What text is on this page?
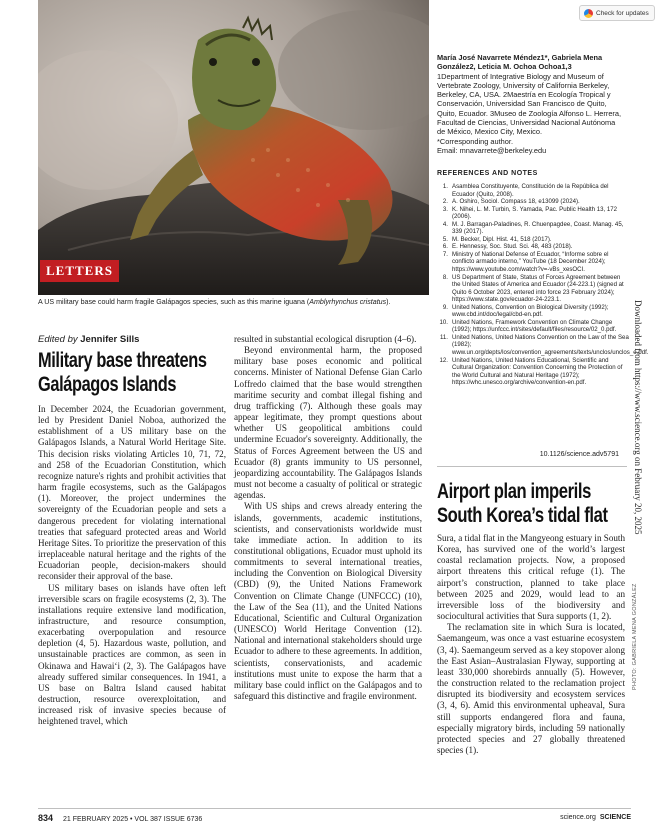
Check for updates
LETTERS
A US military base could harm fragile Galápagos species, such as this marine iguana (Amblyrhynchus cristatus).
María José Navarrete Méndez1*, Gabriela Mena González2, Leticia M. Ochoa Ochoa1,3
1Department of Integrative Biology and Museum of Vertebrate Zoology, University of California Berkeley, Berkeley, CA, USA. 2Maestría en Ecología Tropical y Conservación, Universidad San Francisco de Quito, Quito, Ecuador. 3Museo de Zoología Alfonso L. Herrera, Facultad de Ciencias, Universidad Nacional Autónoma de México, Mexico City, Mexico.
*Corresponding author.
Email: mnavarrete@berkeley.edu
REFERENCES AND NOTES
1. Asamblea Constituyente, Constitución de la República del Ecuador (Quito, 2008).
2. A. Oshiro, Sociol. Compass 18, e13099 (2024).
3. K. Nihei, L. M. Turbin, S. Yamada, Pac. Public Health 13, 172 (2006).
4. M. J. Barragan-Paladines, R. Chuenpagdee, Coast. Manag. 45, 339 (2017).
5. M. Becker, Dipl. Hist. 41, 518 (2017).
6. E. Hennessy, Soc. Stud. Sci. 48, 483 (2018).
7. Ministry of National Defense of Ecuador, “Informe sobre el conflicto armado interno,” YouTube (18 December 2024); https://www.youtube.com/watch?v=-vBs_xesOCI.
8. US Department of State, Status of Forces Agreement between the United States of America and Ecuador (24-223.1) (signed at Quito 6 October 2023, entered into force 23 February 2024); https://www.state.gov/ecuador-24-223.1.
9. United Nations, Convention on Biological Diversity (1992); www.cbd.int/doc/legal/cbd-en.pdf.
10. United Nations, Framework Convention on Climate Change (1992); https://unfccc.int/sites/default/files/resource/02_0.pdf.
11. United Nations, United Nations Convention on the Law of the Sea (1982); www.un.org/depts/los/convention_agreements/texts/unclos/unclos_e.pdf.
12. United Nations, United Nations Educational, Scientific and Cultural Organization: Convention Concerning the Protection of the World Cultural and Natural Heritage (1972); https://whc.unesco.org/archive/convention-en.pdf.
10.1126/science.adv5791
Edited by Jennifer Sills
Military base threatens
Galápagos Islands

In December 2024, the Ecuadorian government, led by President Daniel Noboa, authorized the establishment of a US military base on the Galápagos Islands, a Natural World Heritage Site. This decision risks violating Articles 10, 71, 72, and 258 of the Ecuadorian Constitution, which recognize nature's rights and prohibit activities that harm fragile ecosystems, such as the Galápagos (1). Moreover, the project undermines the sovereignty of the Ecuadorian people and sets a dangerous precedent for violating international treaties that safeguard protected areas and World Heritage Sites. To prioritize the preservation of this irreplaceable natural heritage and the rights of the Ecuadorian people, decision-makers should reconsider their approval of the base.

US military bases on islands have often left irreversible scars on fragile ecosystems (2, 3). The installations require extensive land modification, infrastructure, and resource consumption, exacerbating overpopulation and resource depletion (4, 5). Hazardous waste, pollution, and unsustainable practices are common, as seen in Okinawa and Hawai‘i (2, 3). The Galápagos have already suffered similar consequences. In 1941, a US base on Baltra Island caused habitat destruction, resource overexploitation, and increased risk of invasive species because of heightened travel, which

resulted in substantial ecological disruption (4–6).

Beyond environmental harm, the proposed military base poses economic and political concerns. Minister of National Defense Gian Carlo Loffredo claimed that the base would strengthen maritime security and combat illegal fishing and drug trafficking (7). Although these goals may appear legitimate, they prompt questions about whether US geopolitical ambitions could undermine Ecuador's sovereignty. Additionally, the Status of Forces Agreement between the US and Ecuador (8) grants immunity to US personnel, jeopardizing accountability. The Galápagos Islands must not become a casualty of political or strategic agendas.

With US ships and crews already entering the islands, governments, academic institutions, scientists, and conservationists worldwide must take immediate action. In addition to its constitutional obligations, Ecuador must uphold its commitments to several international treaties, including the Convention on Biological Diversity (CBD) (9), the United Nations Framework Convention on Climate Change (UNFCCC) (10), the Law of the Sea (11), and the United Nations Educational, Scientific and Cultural Organization (UNESCO) World Heritage Convention (12). National and international stakeholders should urge Ecuador to adhere to these agreements. In addition, scientists, conservationists, and academic institutions must unite to expose the harm that a military base could inflict on the Galápagos and to safeguard this distinctive and fragile environment.

Airport plan imperils
South Korea’s tidal flat

Sura, a tidal flat in the Mangyeong estuary in South Korea, has survived one of the world’s largest coastal reclamation projects. Now, a proposed airport threatens this critical refuge (1). The airport’s construction, planned to take place between 2025 and 2029, would lead to an irreversible loss of the biodiversity and sociocultural activities that Sura supports (1, 2).

The reclamation site in which Sura is located, Saemangeum, was once a vast estuarine ecosystem (3, 4). Saemangeum served as a key stopover along the East Asian–Australasian Flyway, supporting at least 330,000 shorebirds annually (5). However, the construction related to the reclamation project disrupted its biodiversity and ecosystem services (3, 4, 6). Amid this environmental upheaval, Sura still supports endangered flora and fauna, especially migratory birds, including 59 nationally protected species and 27 globally threatened species (1).

Downloaded from https://www.science.org on February 20, 2025
PHOTO: GABRIELA MENA GONZÁLEZ
834 21 FEBRUARY 2025 • VOL 387 ISSUE 6736	science.org SCIENCE
